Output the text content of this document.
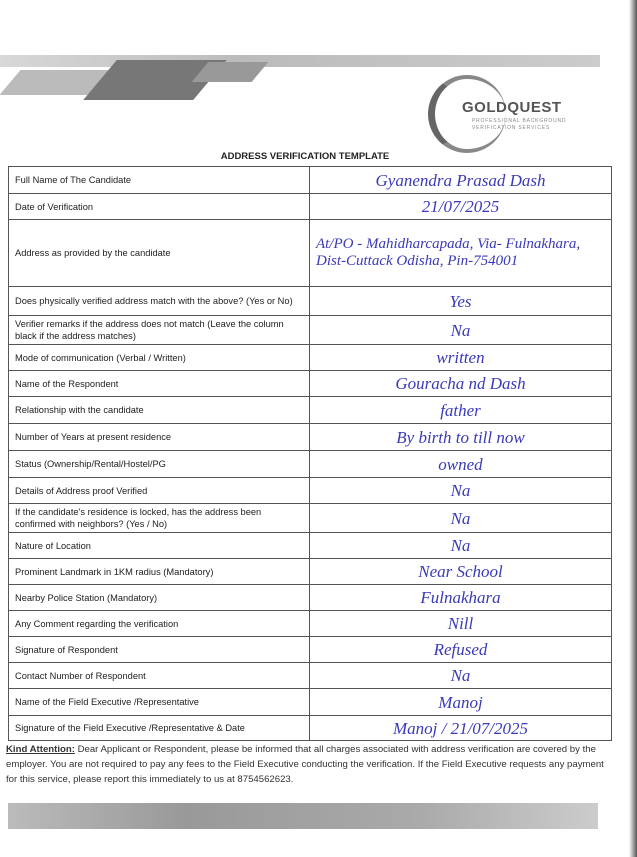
GOLDQUEST
PROFESSIONAL BACKGROUND
VERIFICATION SERVICES
ADDRESS VERIFICATION TEMPLATE
Full Name of The Candidate	Gyanendra Prasad Dash
Date of Verification	21/07/2025
Address as provided by the candidate	At/PO - Mahidharcapada, Via- Fulnakhara, Dist-Cuttack Odisha, Pin-754001
Does physically verified address match with the above? (Yes or No)	Yes
Verifier remarks if the address does not match (Leave the column black if the address matches)	Na
Mode of communication (Verbal / Written)	written
Name of the Respondent	Gouracha nd Dash
Relationship with the candidate	father
Number of Years at present residence	By birth to till now
Status (Ownership/Rental/Hostel/PG	owned
Details of Address proof Verified	Na
If the candidate's residence is locked, has the address been confirmed with neighbors? (Yes / No)	Na
Nature of Location	Na
Prominent Landmark in 1KM radius (Mandatory)	Near School
Nearby Police Station (Mandatory)	Fulnakhara
Any Comment regarding the verification	Nill
Signature of Respondent	Refused
Contact Number of Respondent	Na
Name of the Field Executive /Representative	Manoj
Signature of the Field Executive /Representative & Date	Manoj / 21/07/2025
Kind Attention: Dear Applicant or Respondent, please be informed that all charges associated with address verification are covered by the employer. You are not required to pay any fees to the Field Executive conducting the verification. If the Field Executive requests any payment for this service, please report this immediately to us at 8754562623.
